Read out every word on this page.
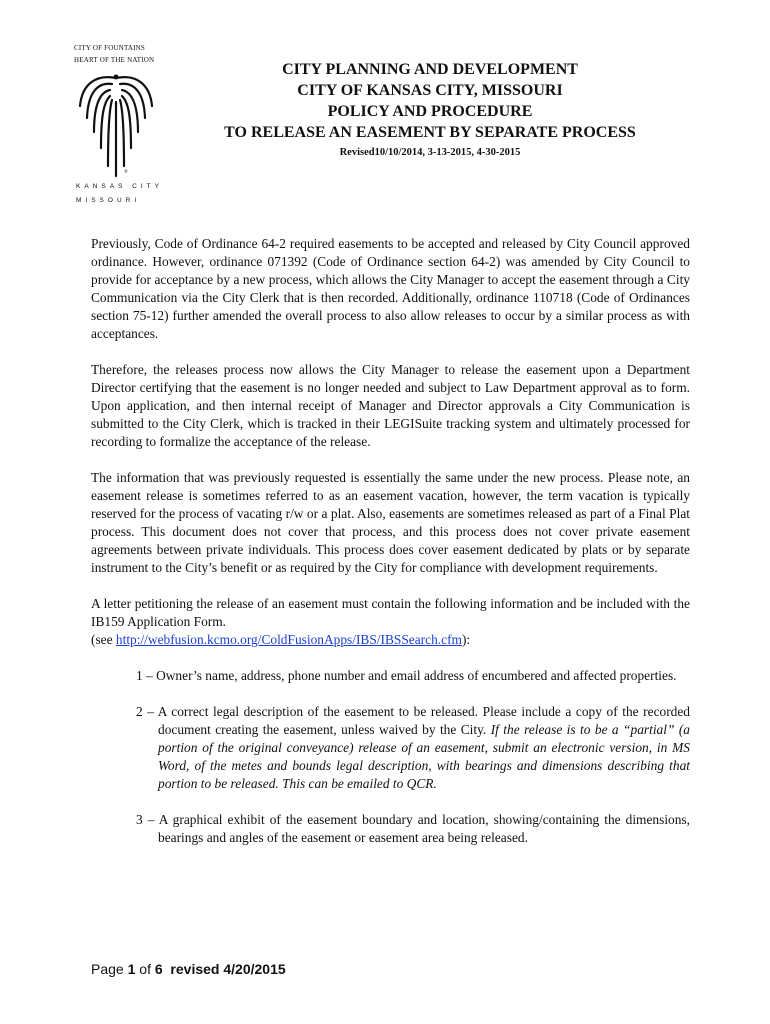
CITY OF FOUNTAINS
HEART OF THE NATION
®
KANSAS CITY
MISSOURI
CITY PLANNING AND DEVELOPMENT
CITY OF KANSAS CITY, MISSOURI
POLICY AND PROCEDURE
TO RELEASE AN EASEMENT BY SEPARATE PROCESS
Revised10/10/2014, 3-13-2015, 4-30-2015

Previously, Code of Ordinance 64-2 required easements to be accepted and released by City Council approved ordinance. However, ordinance 071392 (Code of Ordinance section 64-2) was amended by City Council to provide for acceptance by a new process, which allows the City Manager to accept the easement through a City Communication via the City Clerk that is then recorded. Additionally, ordinance 110718 (Code of Ordinances section 75-12) further amended the overall process to also allow releases to occur by a similar process as with acceptances.

Therefore, the releases process now allows the City Manager to release the easement upon a Department Director certifying that the easement is no longer needed and subject to Law Department approval as to form. Upon application, and then internal receipt of Manager and Director approvals a City Communication is submitted to the City Clerk, which is tracked in their LEGISuite tracking system and ultimately processed for recording to formalize the acceptance of the release.

The information that was previously requested is essentially the same under the new process. Please note, an easement release is sometimes referred to as an easement vacation, however, the term vacation is typically reserved for the process of vacating r/w or a plat. Also, easements are sometimes released as part of a Final Plat process. This document does not cover that process, and this process does not cover private easement agreements between private individuals. This process does cover easement dedicated by plats or by separate instrument to the City’s benefit or as required by the City for compliance with development requirements.

A letter petitioning the release of an easement must contain the following information and be included with the IB159 Application Form.
(see http://webfusion.kcmo.org/ColdFusionApps/IBS/IBSSearch.cfm):

1 – Owner’s name, address, phone number and email address of encumbered and affected properties.
2 – A correct legal description of the easement to be released. Please include a copy of the recorded document creating the easement, unless waived by the City. If the release is to be a “partial” (a portion of the original conveyance) release of an easement, submit an electronic version, in MS Word, of the metes and bounds legal description, with bearings and dimensions describing that portion to be released. This can be emailed to QCR.
3 – A graphical exhibit of the easement boundary and location, showing/containing the dimensions, bearings and angles of the easement or easement area being released.
Page 1 of 6  revised 4/20/2015
